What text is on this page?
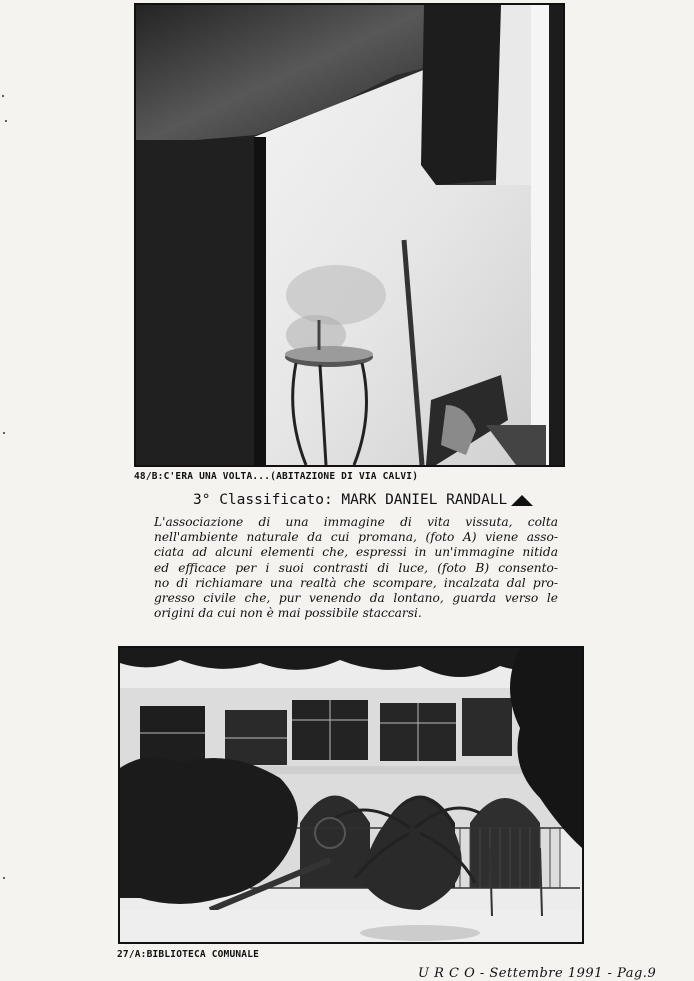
48/B:C'ERA UNA VOLTA...(ABITAZIONE DI VIA CALVI)
3° Classificato: MARK DANIEL RANDALL
L'associazione di una immagine di vita vissuta, colta
nell'ambiente naturale da cui promana, (foto A) viene asso-
ciata ad alcuni elementi che, espressi in un'immagine nitida
ed efficace per i suoi contrasti di luce, (foto B) consento-
no di richiamare una realtà che scompare, incalzata dal pro-
gresso civile che, pur venendo da lontano, guarda verso le
origini da cui non è mai possibile staccarsi.
27/A:BIBLIOTECA COMUNALE
U R C O - Settembre 1991 - Pag.9
